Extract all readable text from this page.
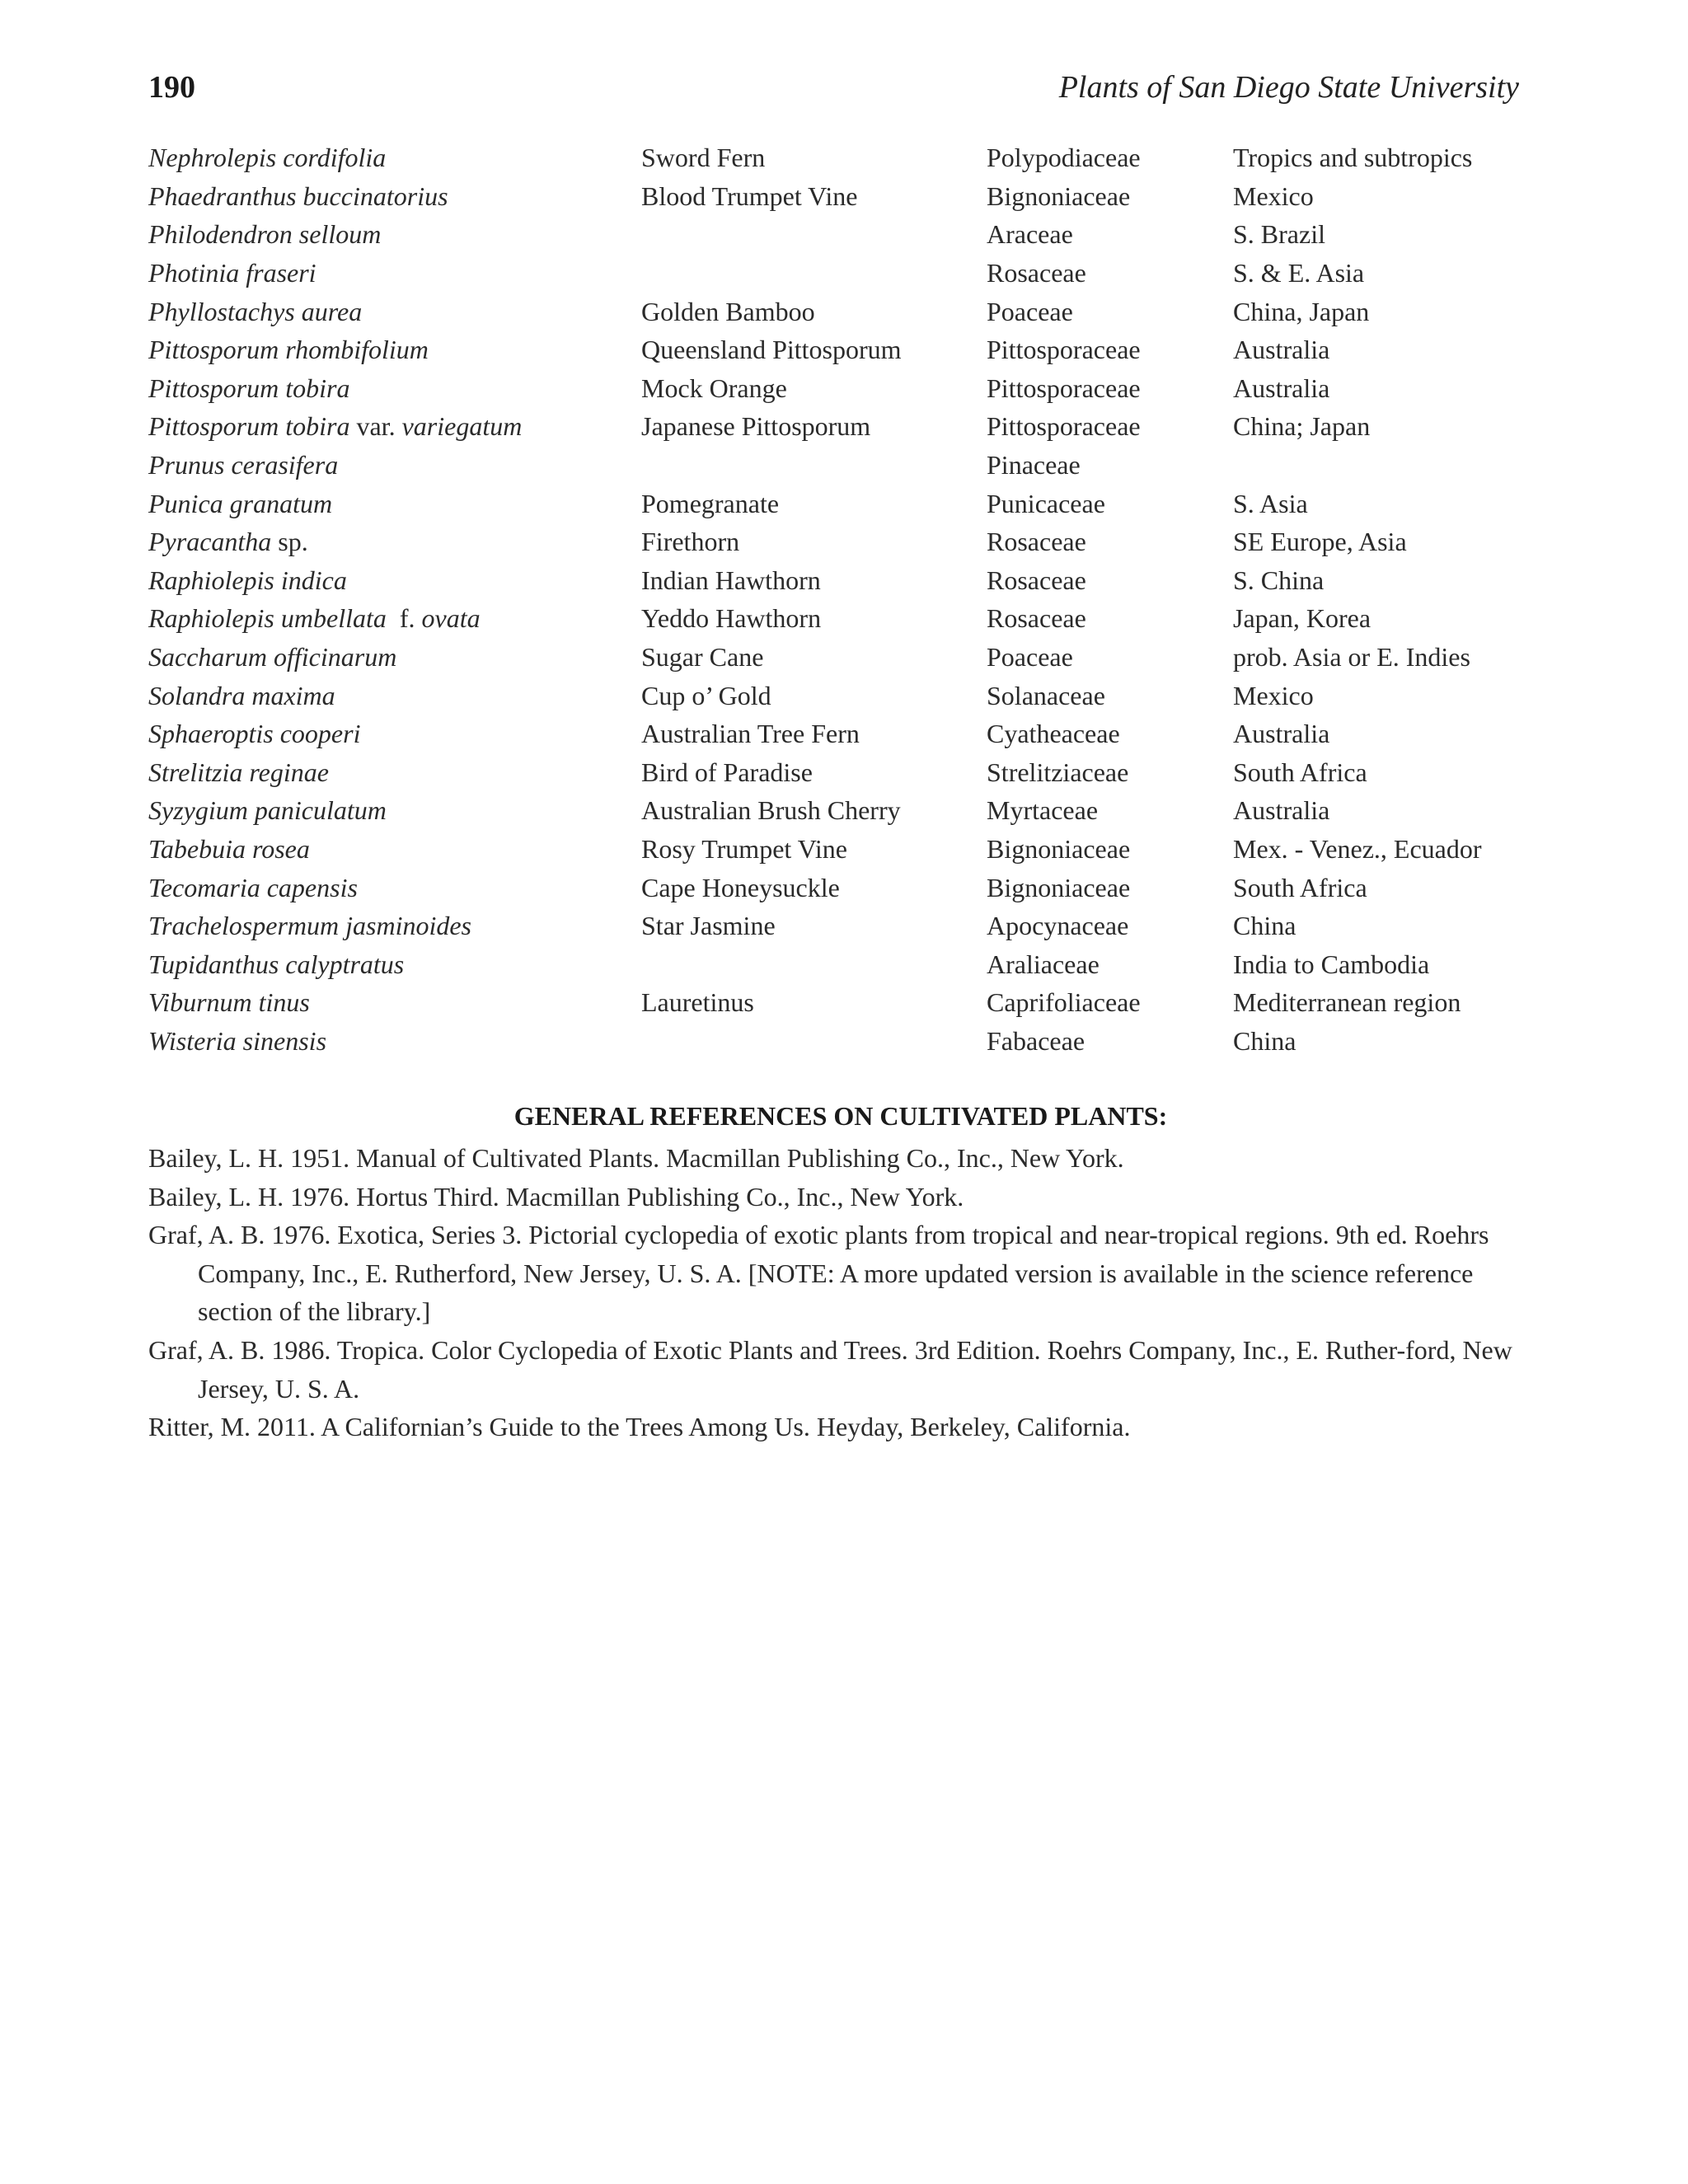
190	Plants of San Diego State University
Nephrolepis cordifolia	Sword Fern	Polypodiaceae	Tropics and subtropics
Phaedranthus buccinatorius	Blood Trumpet Vine	Bignoniaceae	Mexico
Philodendron selloum		Araceae	S. Brazil
Photinia fraseri		Rosaceae	S. & E. Asia
Phyllostachys aurea	Golden Bamboo	Poaceae	China, Japan
Pittosporum rhombifolium	Queensland Pittosporum	Pittosporaceae	Australia
Pittosporum tobira	Mock Orange	Pittosporaceae	Australia
Pittosporum tobira var. variegatum	Japanese Pittosporum	Pittosporaceae	China; Japan
Prunus cerasifera		Pinaceae	
Punica granatum	Pomegranate	Punicaceae	S. Asia
Pyracantha sp.	Firethorn	Rosaceae	SE Europe, Asia
Raphiolepis indica	Indian Hawthorn	Rosaceae	S. China
Raphiolepis umbellata  f. ovata	Yeddo Hawthorn	Rosaceae	Japan, Korea
Saccharum officinarum	Sugar Cane	Poaceae	prob. Asia or E. Indies
Solandra maxima	Cup o’ Gold	Solanaceae	Mexico
Sphaeroptis cooperi	Australian Tree Fern	Cyatheaceae	Australia
Strelitzia reginae	Bird of Paradise	Strelitziaceae	South Africa
Syzygium paniculatum	Australian Brush Cherry	Myrtaceae	Australia
Tabebuia rosea	Rosy Trumpet Vine	Bignoniaceae	Mex. - Venez., Ecuador
Tecomaria capensis	Cape Honeysuckle	Bignoniaceae	South Africa
Trachelospermum jasminoides	Star Jasmine	Apocynaceae	China
Tupidanthus calyptratus		Araliaceae	India to Cambodia
Viburnum tinus	Lauretinus	Caprifoliaceae	Mediterranean region
Wisteria sinensis		Fabaceae	China
GENERAL REFERENCES ON CULTIVATED PLANTS:
Bailey, L. H. 1951. Manual of Cultivated Plants. Macmillan Publishing Co., Inc., New York.
Bailey, L. H. 1976. Hortus Third. Macmillan Publishing Co., Inc., New York.
Graf, A. B. 1976. Exotica, Series 3. Pictorial cyclopedia of exotic plants from tropical and near-tropical regions. 9th ed. Roehrs Company, Inc., E. Rutherford, New Jersey, U. S. A. [NOTE: A more updated version is available in the science reference section of the library.]
Graf, A. B. 1986. Tropica. Color Cyclopedia of Exotic Plants and Trees. 3rd Edition. Roehrs Company, Inc., E. Ruther-ford, New Jersey, U. S. A.
Ritter, M. 2011. A Californian’s Guide to the Trees Among Us. Heyday, Berkeley, California.
